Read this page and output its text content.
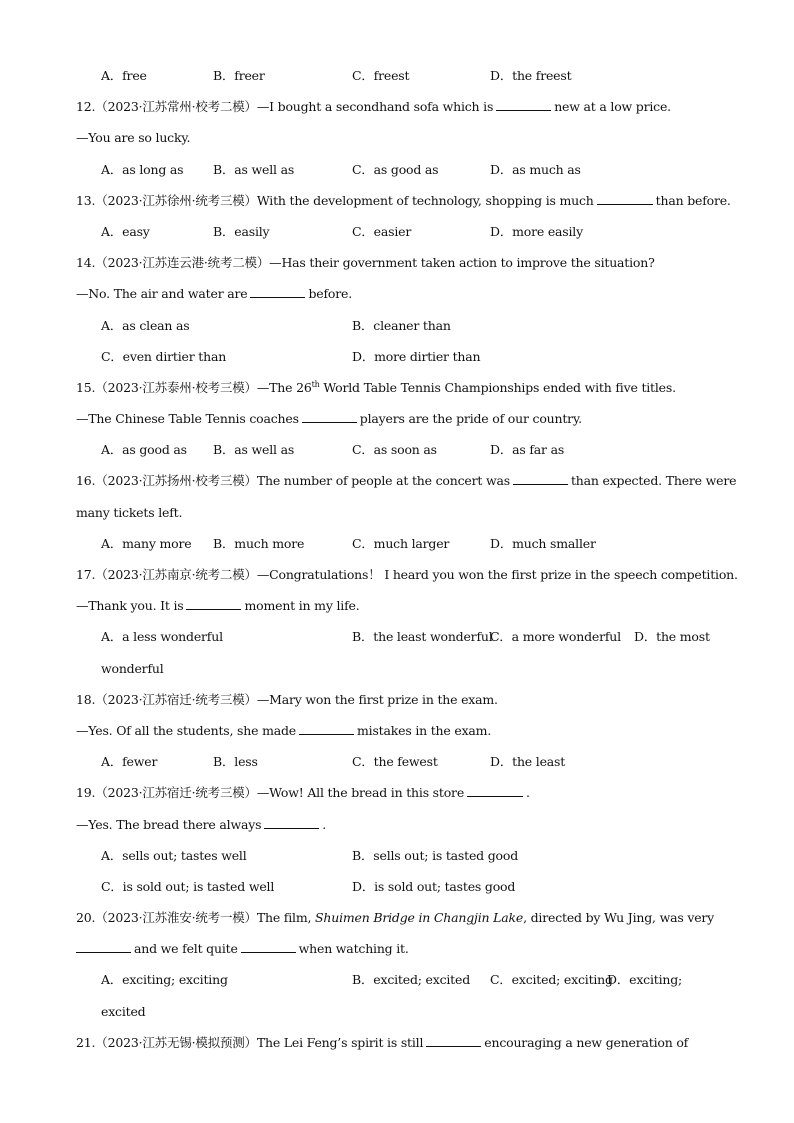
A．free	B．freer	C．freest	D．the freest
12.（2023·江苏常州·校考二模）—I bought a secondhand sofa which is	new at a low price.
—You are so lucky.
A．as long as B．as well as	C．as good as	D．as much as
13.（2023·江苏徐州·统考三模）With the development of technology, shopping is much	than before.
A．easy	B．easily	C．easier	D．more easily
14.（2023·江苏连云港·统考二模）—Has their government taken action to improve the situation?
—No. The air and water are	before.
A．as clean as	B．cleaner than
C．even dirtier than	D．more dirtier than
15.（2023·江苏泰州·校考三模）—The 26th World Table Tennis Championships ended with five titles.
—The Chinese Table Tennis coaches	players are the pride of our country.
A．as good as B．as well as	C．as soon as	D．as far as
16.（2023·江苏扬州·校考三模）The number of people at the concert was	than expected. There were
many tickets left.
A．many more B．much more	C．much larger	D．much smaller
17.（2023·江苏南京·统考二模）—Congratulations！ I heard you won the first prize in the speech competition.
—Thank you. It is	moment in my life.
A．a less wonderful	B．the least wonderful
C．a more wonderful D．the most
wonderful
18.（2023·江苏宿迁·统考三模）—Mary won the first prize in the exam.
—Yes. Of all the students, she made	mistakes in the exam.
A．fewer	B．less	C．the fewest	D．the least
19.（2023·江苏宿迁·统考三模）—Wow! All the bread in this store	.
—Yes. The bread there always	.
A．sells out; tastes well	B．sells out; is tasted good
C．is sold out; is tasted well	D．is sold out; tastes good
20.（2023·江苏淮安·统考一模）The film, Shuimen Bridge in Changjin Lake, directed by Wu Jing, was very
and we felt quite	when watching it.
A．exciting; exciting	B．excited; excited C．excited; exciting
D．exciting;
excited
21.（2023·江苏无锡·模拟预测）The Lei Feng’s spirit is still	encouraging a new generation of
